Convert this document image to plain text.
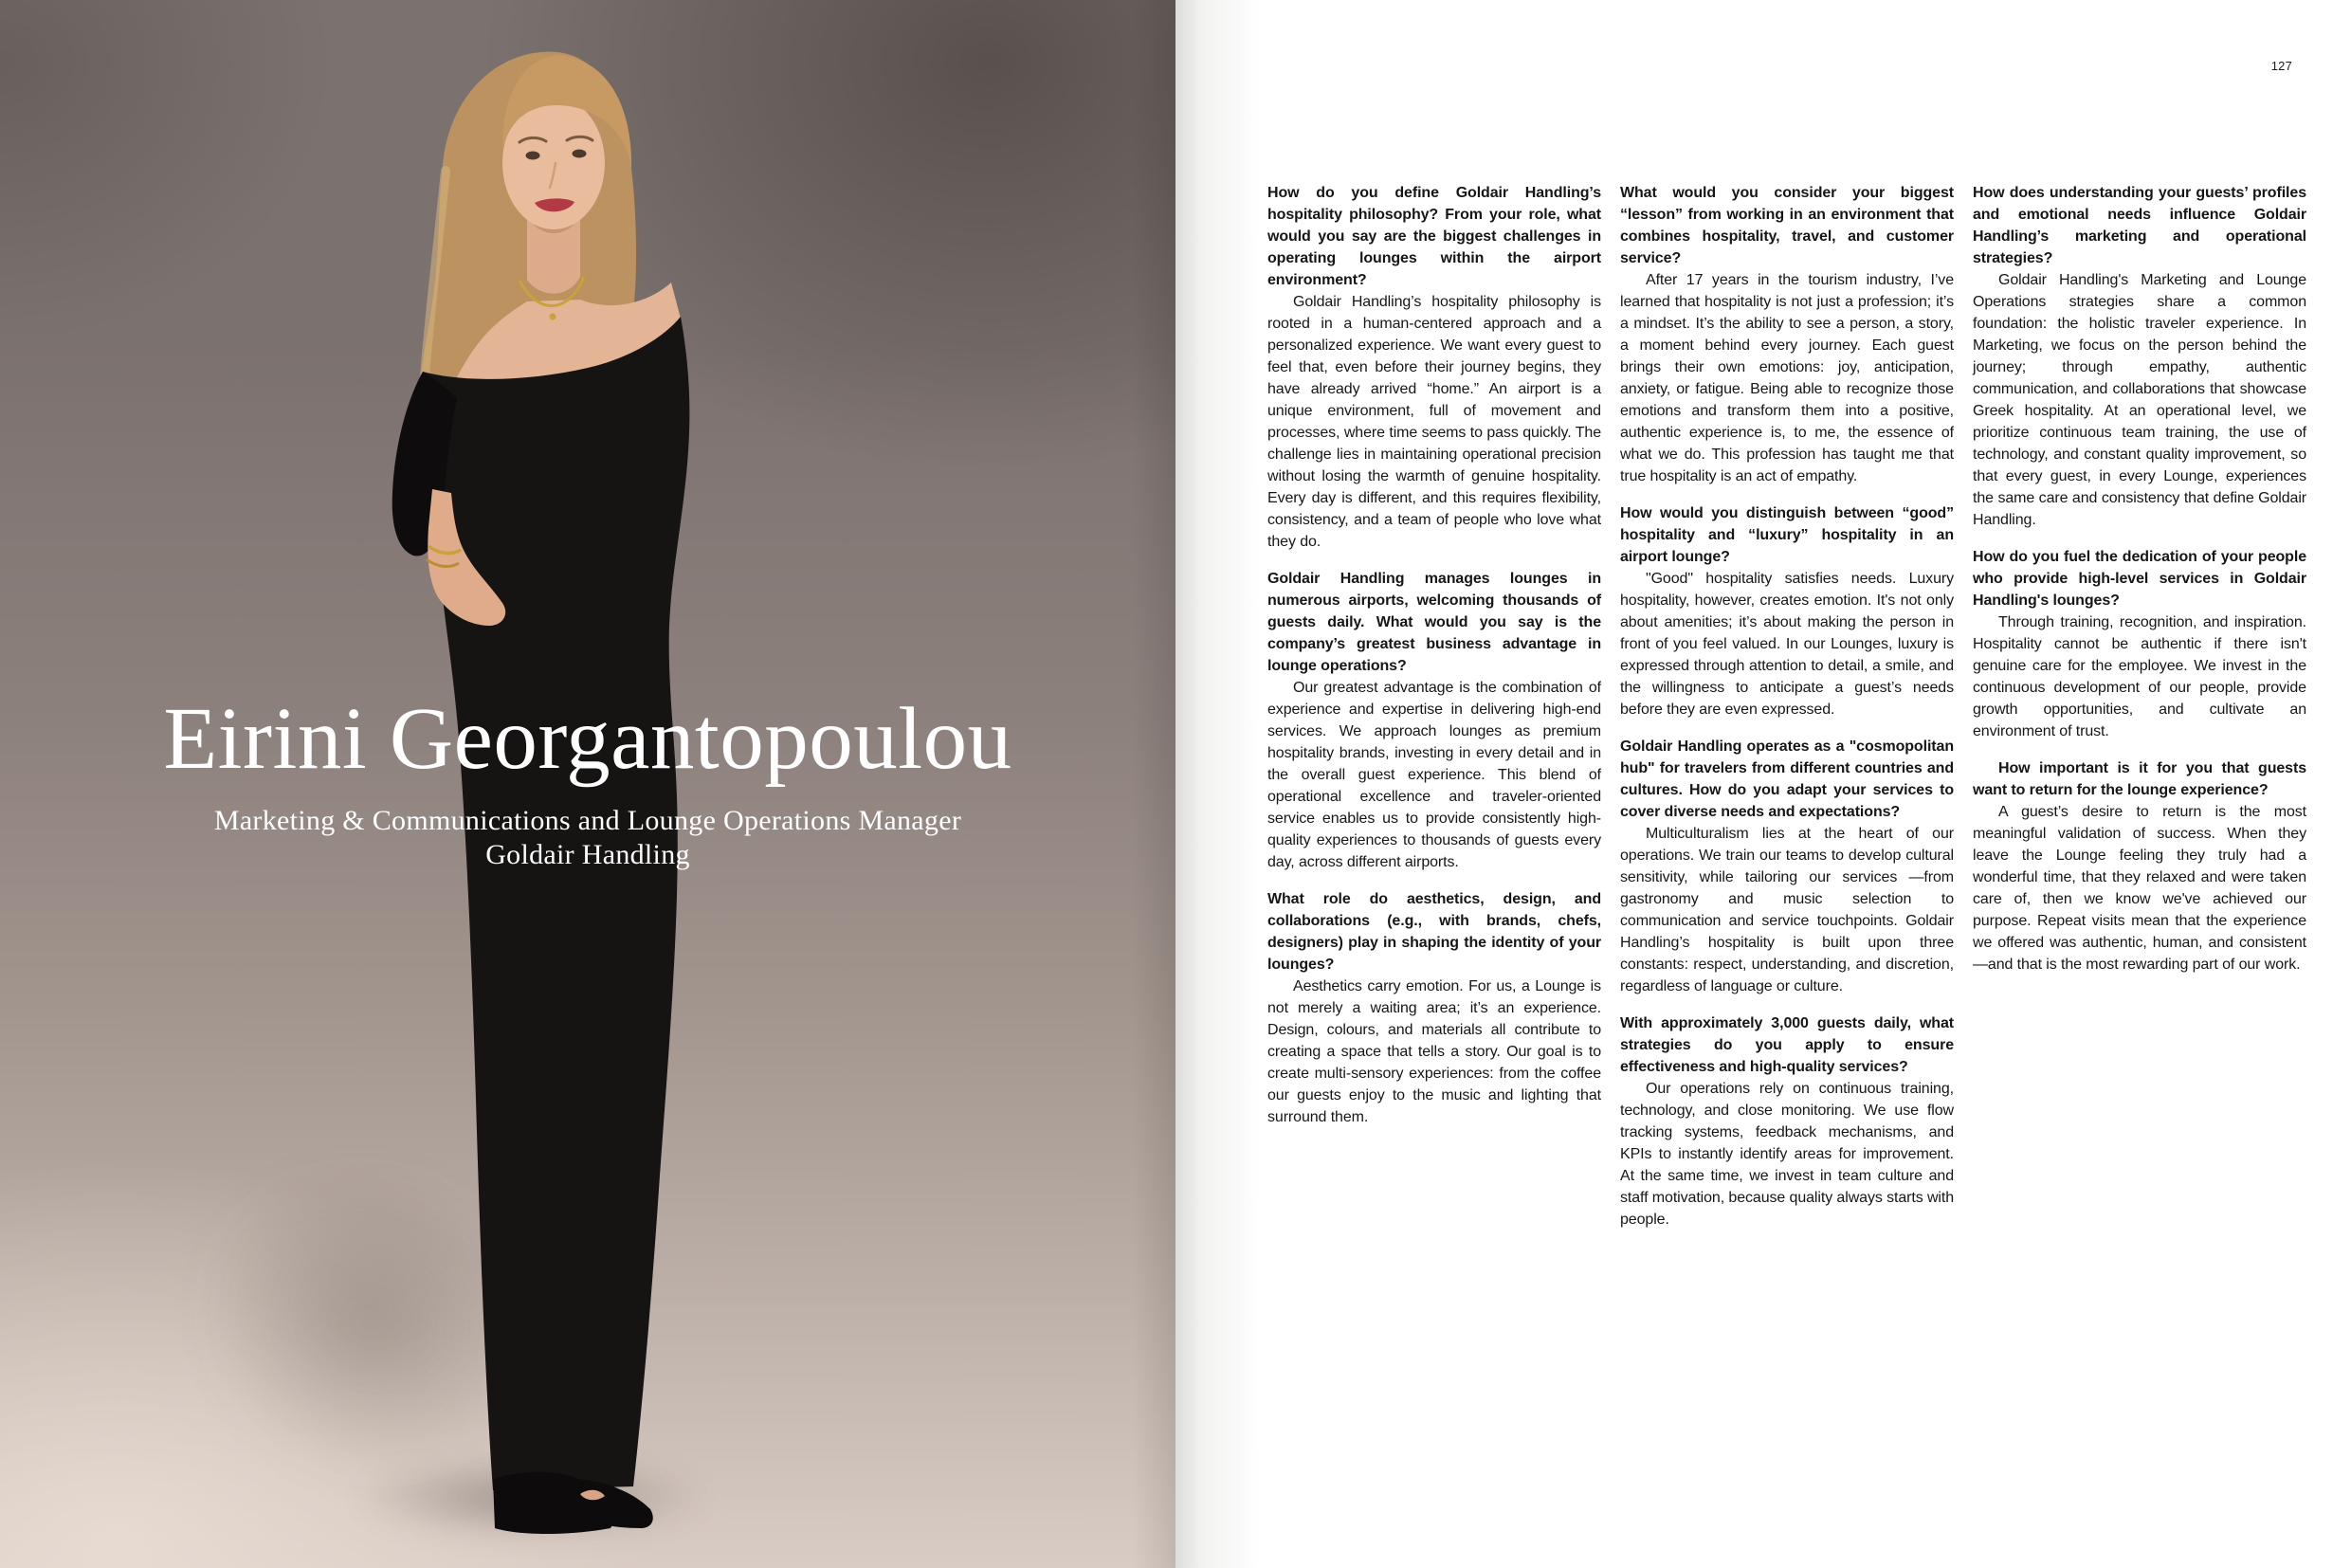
Eirini Georgantopoulou
Marketing & Communications and Lounge Operations Manager
Goldair Handling
127

How do you define Goldair Handling’s hospitality philosophy? From your role, what would you say are the biggest challenges in operating lounges within the airport environment?

Goldair Handling’s hospitality philosophy is rooted in a human-centered approach and a personalized experience. We want every guest to feel that, even before their journey begins, they have already arrived “home.” An airport is a unique environment, full of movement and processes, where time seems to pass quickly. The challenge lies in maintaining operational precision without losing the warmth of genuine hospitality. Every day is different, and this requires flexibility, consistency, and a team of people who love what they do.

Goldair Handling manages lounges in numerous airports, welcoming thousands of guests daily. What would you say is the company’s greatest business advantage in lounge operations?

Our greatest advantage is the combination of experience and expertise in delivering high-end services. We approach lounges as premium hospitality brands, investing in every detail and in the overall guest experience. This blend of operational excellence and traveler-oriented service enables us to provide consistently high-quality experiences to thousands of guests every day, across different airports.

What role do aesthetics, design, and collaborations (e.g., with brands, chefs, designers) play in shaping the identity of your lounges?

Aesthetics carry emotion. For us, a Lounge is not merely a waiting area; it’s an experience. Design, colours, and materials all contribute to creating a space that tells a story. Our goal is to create multi-sensory experiences: from the coffee our guests enjoy to the music and lighting that surround them.

What would you consider your biggest “lesson” from working in an environment that combines hospitality, travel, and customer service?

After 17 years in the tourism industry, I’ve learned that hospitality is not just a profession; it’s a mindset. It’s the ability to see a person, a story, a moment behind every journey. Each guest brings their own emotions: joy, anticipation, anxiety, or fatigue. Being able to recognize those emotions and transform them into a positive, authentic experience is, to me, the essence of what we do. This profession has taught me that true hospitality is an act of empathy.

How would you distinguish between “good” hospitality and “luxury” hospitality in an airport lounge?

"Good" hospitality satisfies needs. Luxury hospitality, however, creates emotion. It's not only about amenities; it’s about making the person in front of you feel valued. In our Lounges, luxury is expressed through attention to detail, a smile, and the willingness to anticipate a guest’s needs before they are even expressed.

Goldair Handling operates as a "cosmopolitan hub" for travelers from different countries and cultures. How do you adapt your services to cover diverse needs and expectations?

Multiculturalism lies at the heart of our operations. We train our teams to develop cultural sensitivity, while tailoring our services —from gastronomy and music selection to communication and service touchpoints. Goldair Handling’s hospitality is built upon three constants: respect, understanding, and discretion, regardless of language or culture.

With approximately 3,000 guests daily, what strategies do you apply to ensure effectiveness and high-quality services?

Our operations rely on continuous training, technology, and close monitoring. We use flow tracking systems, feedback mechanisms, and KPIs to instantly identify areas for improvement. At the same time, we invest in team culture and staff motivation, because quality always starts with people.

How does understanding your guests’ profiles and emotional needs influence Goldair Handling’s marketing and operational strategies?

Goldair Handling's Marketing and Lounge Operations strategies share a common foundation: the holistic traveler experience. In Marketing, we focus on the person behind the journey; through empathy, authentic communication, and collaborations that showcase Greek hospitality. At an operational level, we prioritize continuous team training, the use of technology, and constant quality improvement, so that every guest, in every Lounge, experiences the same care and consistency that define Goldair Handling.

How do you fuel the dedication of your people who provide high-level services in Goldair Handling's lounges?

Through training, recognition, and inspiration. Hospitality cannot be authentic if there isn't genuine care for the employee. We invest in the continuous development of our people, provide growth opportunities, and cultivate an environment of trust.

How important is it for you that guests want to return for the lounge experience?

A guest’s desire to return is the most meaningful validation of success. When they leave the Lounge feeling they truly had a wonderful time, that they relaxed and were taken care of, then we know we've achieved our purpose. Repeat visits mean that the experience we offered was authentic, human, and consistent —and that is the most rewarding part of our work.
